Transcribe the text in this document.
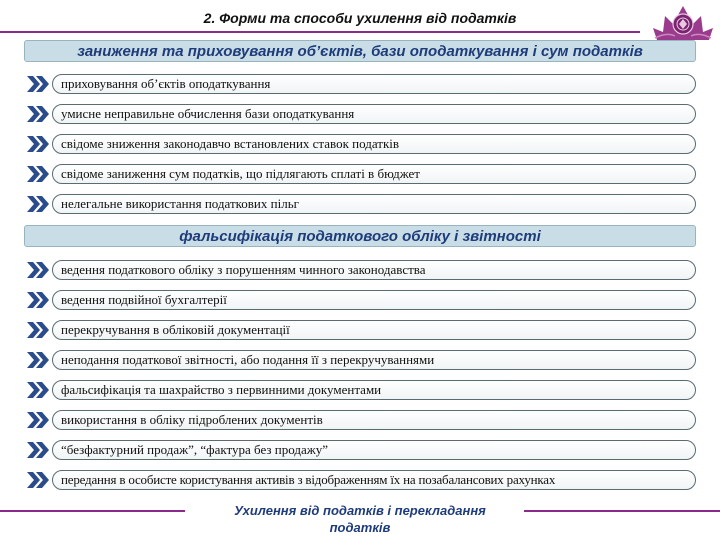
2. Форми та способи ухилення від податків
заниження та приховування об’єктів, бази оподаткування і сум податків
приховування об’єктів оподаткування
умисне неправильне обчислення бази оподаткування
свідоме зниження законодавчо встановлених ставок податків
свідоме заниження сум податків, що підлягають сплаті в бюджет
нелегальне використання податкових пільг
фальсифікація податкового обліку і звітності
ведення податкового обліку з порушенням чинного законодавства
ведення подвійної бухгалтерії
перекручування в обліковій документації
неподання податкової звітності, або подання її з перекручуваннями
фальсифікація та шахрайство з первинними документами
використання в обліку підроблених документів
“безфактурний продаж”, “фактура без продажу”
передання в особисте користування активів з відображенням їх на позабалансових рахунках
Ухилення від податків і перекладання
податків
